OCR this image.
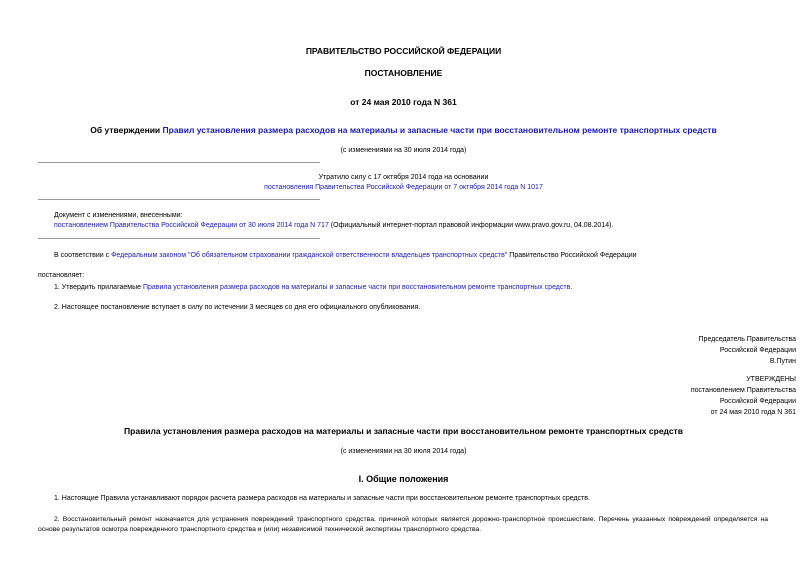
ПРАВИТЕЛЬСТВО РОССИЙСКОЙ ФЕДЕРАЦИИ
ПОСТАНОВЛЕНИЕ
от 24 мая 2010 года N 361
Об утверждении Правил установления размера расходов на материалы и запасные части при восстановительном ремонте транспортных средств
(с изменениями на 30 июля 2014 года)
Утратило силу с 17 октября 2014 года на основании
постановления Правительства Российской Федерации от 7 октября 2014 года N 1017
Документ с изменениями, внесенными:
постановлением Правительства Российской Федерации от 30 июля 2014 года N 717 (Официальный интернет-портал правовой информации www.pravo.gov.ru, 04.08.2014).
В соответствии с Федеральным законом "Об обязательном страховании гражданской ответственности владельцев транспортных средств" Правительство Российской Федерации
постановляет:
1. Утвердить прилагаемые Правила установления размера расходов на материалы и запасные части при восстановительном ремонте транспортных средств.
2. Настоящее постановление вступает в силу по истечении 3 месяцев со дня его официального опубликования.
Председатель Правительства
Российской Федерации
В.Путин
УТВЕРЖДЕНЫ
постановлением Правительства
Российской Федерации
от 24 мая 2010 года N 361
Правила установления размера расходов на материалы и запасные части при восстановительном ремонте транспортных средств
(с изменениями на 30 июля 2014 года)
I. Общие положения
1. Настоящие Правила устанавливают порядок расчета размера расходов на материалы и запасные части при восстановительном ремонте транспортных средств.
2. Восстановительный ремонт назначается для устранения повреждений транспортного средства, причиной которых является дорожно-транспортное происшествие. Перечень указанных повреждений определяется на основе результатов осмотра поврежденного транспортного средства и (или) независимой технической экспертизы транспортного средства.
